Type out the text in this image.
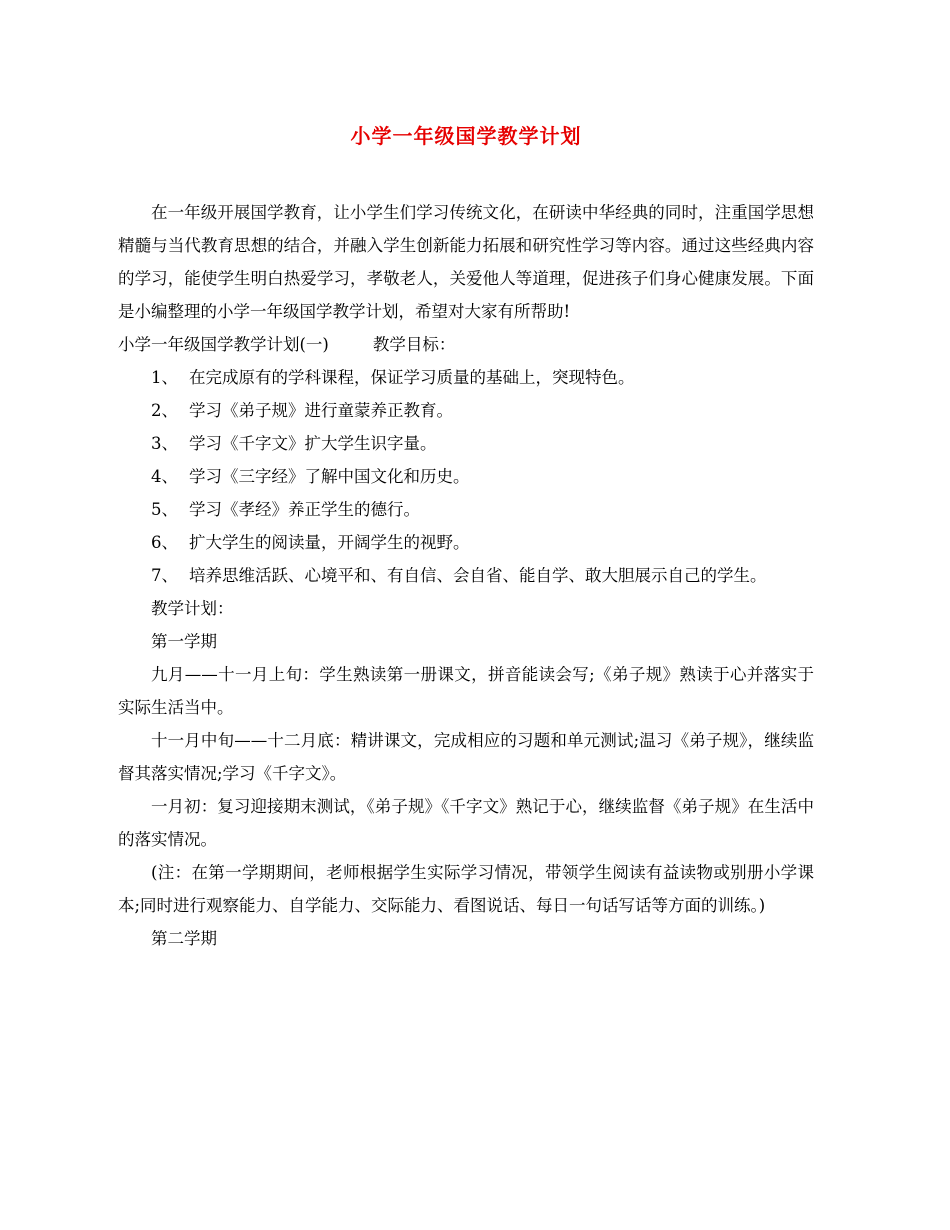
小学一年级国学教学计划

在一年级开展国学教育，让小学生们学习传统文化，在研读中华经典的同时，注重国学思想精髓与当代教育思想的结合，并融入学生创新能力拓展和研究性学习等内容。通过这些经典内容的学习，能使学生明白热爱学习，孝敬老人，关爱他人等道理，促进孩子们身心健康发展。下面是小编整理的小学一年级国学教学计划，希望对大家有所帮助!

小学一年级国学教学计划(一)	教学目标：

1、 在完成原有的学科课程，保证学习质量的基础上，突现特色。

2、 学习《弟子规》进行童蒙养正教育。

3、 学习《千字文》扩大学生识字量。

4、 学习《三字经》了解中国文化和历史。

5、 学习《孝经》养正学生的德行。

6、 扩大学生的阅读量，开阔学生的视野。

7、 培养思维活跃、心境平和、有自信、会自省、能自学、敢大胆展示自己的学生。

教学计划：

第一学期

九月——十一月上旬：学生熟读第一册课文，拼音能读会写;《弟子规》熟读于心并落实于实际生活当中。

十一月中旬——十二月底：精讲课文，完成相应的习题和单元测试;温习《弟子规》，继续监督其落实情况;学习《千字文》。

一月初：复习迎接期末测试，《弟子规》《千字文》熟记于心，继续监督《弟子规》在生活中的落实情况。

(注：在第一学期期间，老师根据学生实际学习情况，带领学生阅读有益读物或别册小学课本;同时进行观察能力、自学能力、交际能力、看图说话、每日一句话写话等方面的训练。)

第二学期
